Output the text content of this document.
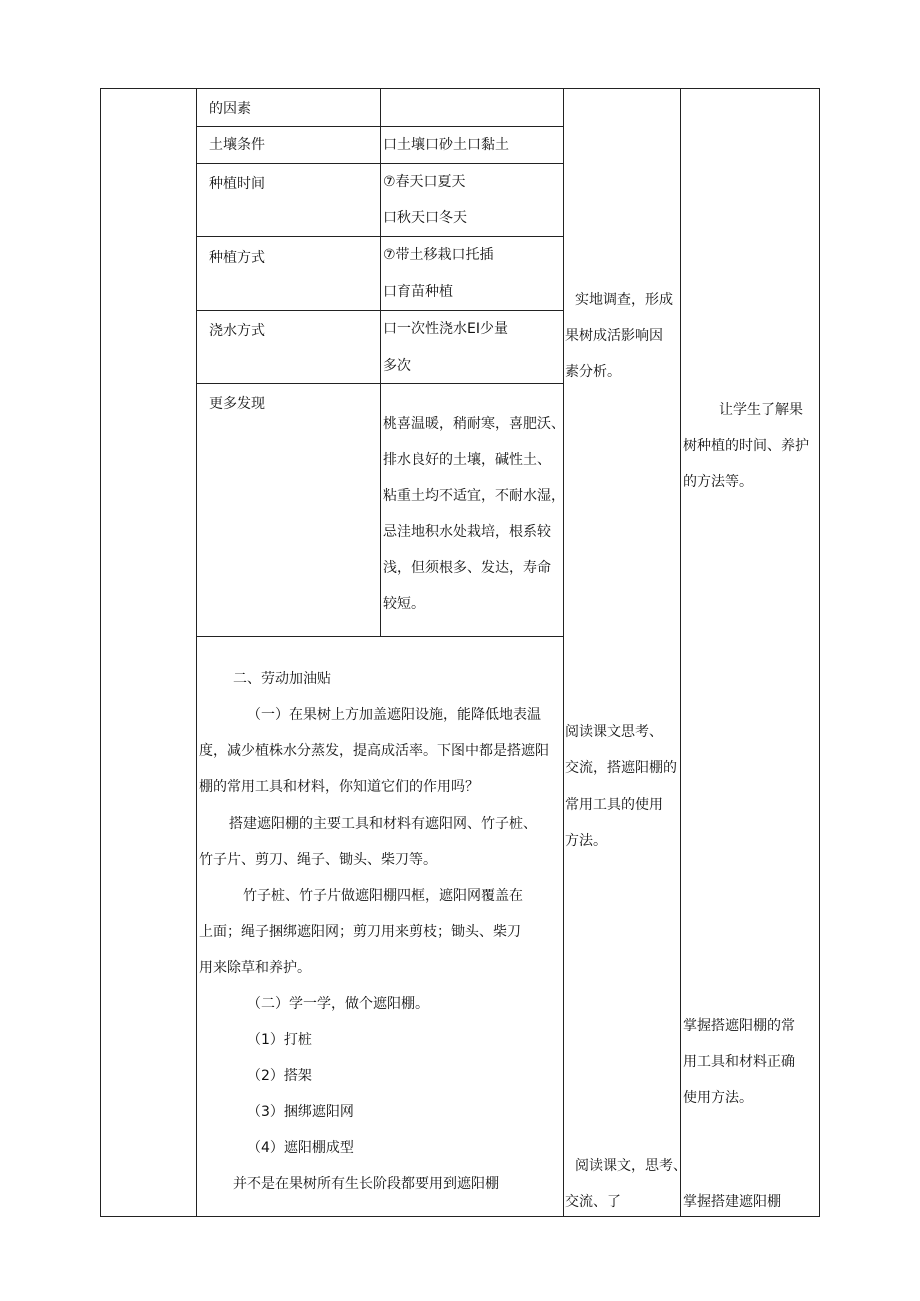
的因素
土壤条件
种植时间
种植方式
浇水方式
更多发现
口土壤口砂土口黏土
⑦春天口夏天
口秋天口冬天
⑦带土移栽口托插
口育苗种植
口一次性浇水EI少量
多次
桃喜温暖，稍耐寒，喜肥沃、
排水良好的土壤，碱性土、
粘重土均不适宜，不耐水湿，
忌洼地积水处栽培，根系较
浅，但须根多、发达，寿命
较短。
二、劳动加油贴
（一）在果树上方加盖遮阳设施，能降低地表温
度，减少植株水分蒸发，提高成活率。下图中都是搭遮阳
棚的常用工具和材料，你知道它们的作用吗？
搭建遮阳棚的主要工具和材料有遮阳网、竹子桩、
竹子片、剪刀、绳子、锄头、柴刀等。
竹子桩、竹子片做遮阳棚四框，遮阳网覆盖在
上面；绳子捆绑遮阳网；剪刀用来剪枝；锄头、柴刀
用来除草和养护。
（二）学一学，做个遮阳棚。
（1）打桩
（2）搭架
（3）捆绑遮阳网
（4）遮阳棚成型
并不是在果树所有生长阶段都要用到遮阳棚
实地调查，形成
果树成活影响因
素分析。
阅读课文思考、
交流，搭遮阳棚的
常用工具的使用
方法。
阅读课文，思考、
交流、了
让学生了解果
树种植的时间、养护
的方法等。
掌握搭遮阳棚的常
用工具和材料正确
使用方法。
掌握搭建遮阳棚
